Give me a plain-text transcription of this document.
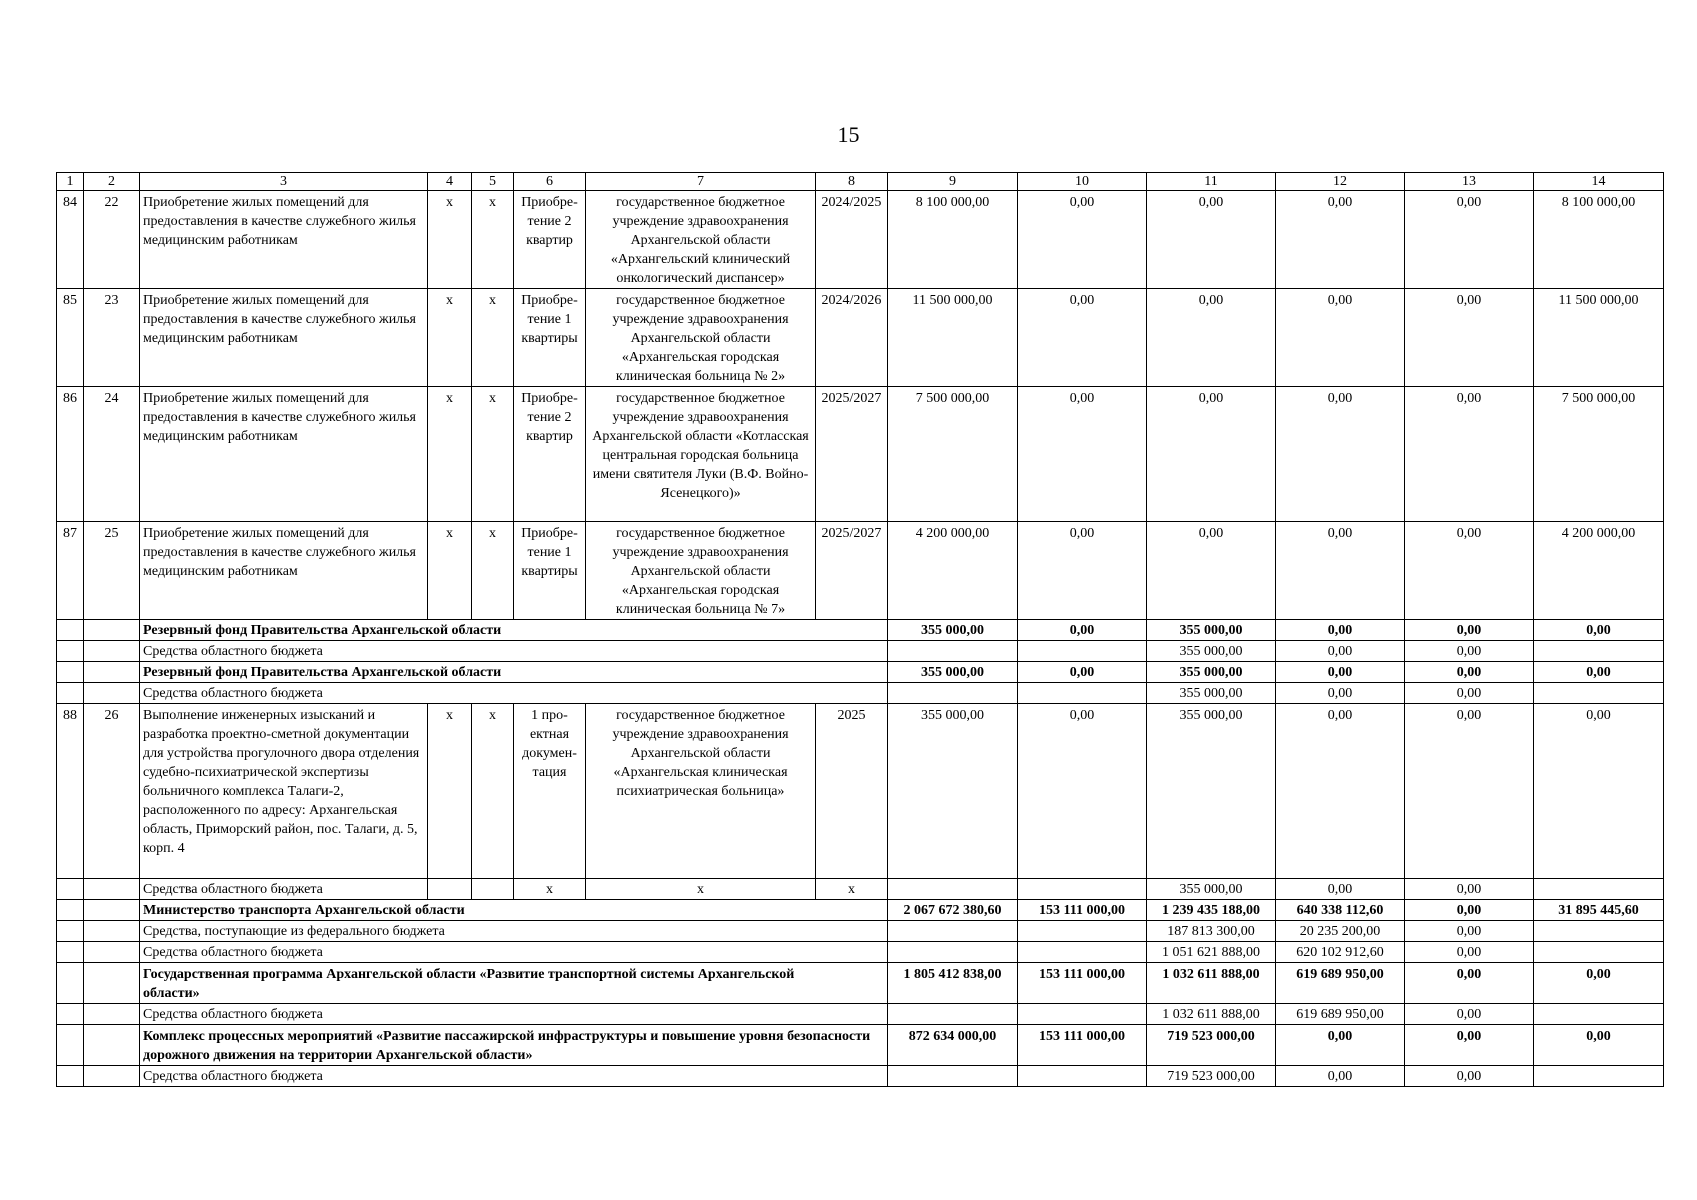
15
1	2	3	4	5	6	7	8	9	10	11	12	13	14
84	22	Приобретение жилых помещений для предоставления в качестве служебного жилья медицинским работникам	х	х	Приобре-тение 2 квартир	государственное бюджетное учреждение здравоохранения Архангельской области «Архангельский клинический онкологический диспансер»	2024/2025	8 100 000,00	0,00	0,00	0,00	0,00	8 100 000,00
85	23	Приобретение жилых помещений для предоставления в качестве служебного жилья медицинским работникам	х	х	Приобре-тение 1 квартиры	государственное бюджетное учреждение здравоохранения Архангельской области «Архангельская городская клиническая больница № 2»	2024/2026	11 500 000,00	0,00	0,00	0,00	0,00	11 500 000,00
86	24	Приобретение жилых помещений для предоставления в качестве служебного жилья медицинским работникам	х	х	Приобре-тение 2 квартир	государственное бюджетное учреждение здравоохранения Архангельской области «Котласская центральная городская больница имени святителя Луки (В.Ф. Войно-Ясенецкого)»	2025/2027	7 500 000,00	0,00	0,00	0,00	0,00	7 500 000,00
87	25	Приобретение жилых помещений для предоставления в качестве служебного жилья медицинским работникам	х	х	Приобре-тение 1 квартиры	государственное бюджетное учреждение здравоохранения Архангельской области «Архангельская городская клиническая больница № 7»	2025/2027	4 200 000,00	0,00	0,00	0,00	0,00	4 200 000,00
		Резервный фонд Правительства Архангельской области						355 000,00	0,00	355 000,00	0,00	0,00	0,00
		Средства областного бюджета								355 000,00	0,00	0,00	
		Резервный фонд Правительства Архангельской области						355 000,00	0,00	355 000,00	0,00	0,00	0,00
		Средства областного бюджета								355 000,00	0,00	0,00	
88	26	Выполнение инженерных изысканий и разработка проектно-сметной документации для устройства прогулочного двора отделения судебно-психиатрической экспертизы больничного комплекса Талаги-2, расположенного по адресу: Архангельская область, Приморский район, пос. Талаги, д. 5, корп. 4	х	х	1 про-ектная докумен-тация	государственное бюджетное учреждение здравоохранения Архангельской области «Архангельская клиническая психиатрическая больница»	2025	355 000,00	0,00	355 000,00	0,00	0,00	0,00
		Средства областного бюджета			х	х	х			355 000,00	0,00	0,00	
		Министерство транспорта Архангельской области						2 067 672 380,60	153 111 000,00	1 239 435 188,00	640 338 112,60	0,00	31 895 445,60
		Средства, поступающие из федерального бюджета								187 813 300,00	20 235 200,00	0,00	
		Средства областного бюджета								1 051 621 888,00	620 102 912,60	0,00	
		Государственная программа Архангельской области «Развитие транспортной системы Архангельской области»						1 805 412 838,00	153 111 000,00	1 032 611 888,00	619 689 950,00	0,00	0,00
		Средства областного бюджета								1 032 611 888,00	619 689 950,00	0,00	
		Комплекс процессных мероприятий «Развитие пассажирской инфраструктуры и повышение уровня безопасности дорожного движения на территории Архангельской области»						872 634 000,00	153 111 000,00	719 523 000,00	0,00	0,00	0,00
		Средства областного бюджета								719 523 000,00	0,00	0,00	
